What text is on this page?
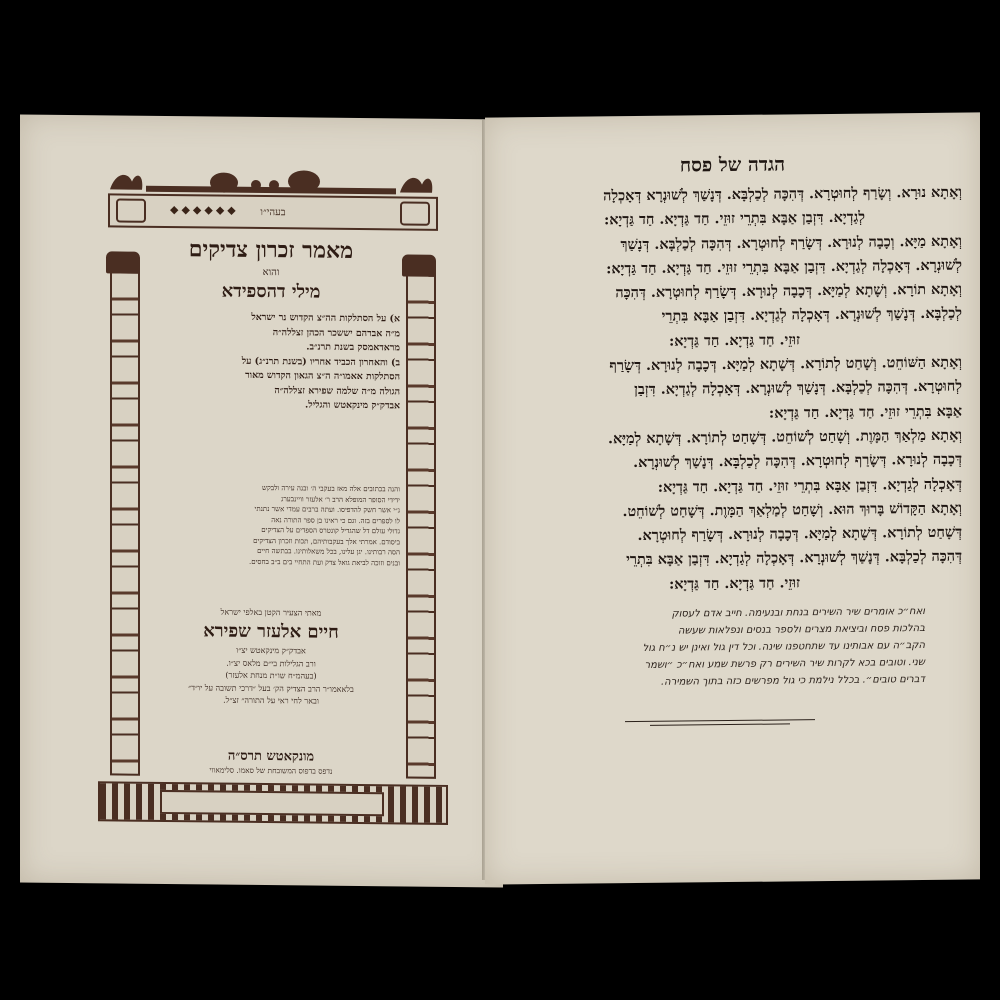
◆◆◆◆◆◆ בעהי״ו
מאמר זכרון צדיקים
והוא
מילי דהספידא
א) על הסתלקות הה״צ הקדוש נר ישראל
מ״ה אברהם יששכר הכהן זצללה״ה
מראדאמסק בשנת תרנ״ב.
ב) והאחרון הכביד אחריו (בשנת תרנ״ג) על
הסתלקות אאמו״ה ה״צ הגאון הקדוש מאור
הגולה מ״ה שלמה שפירא זצללה״ה
אבדק״ק מינקאטש והגליל.
והנה בכתובים אלה מאז בעקבי ה׳ ובנה עירה ולבקש
ידידי הסופר המופלא הרב ר׳ אלעזר וויינבערג
נ״י אשר חשק להדפיסו. ועתה ברבים עמדי אשר נתנתי
לו לספרים בזה. וגם כי ראינו בן ספר התורה נאה
גדולי עולם דל שהגדיל קונטרס הספדים על הצדיקים
ביסודם. אמרתי אלך בעקבותיהם, תכות וזכרון הצדיקים
הסה רבותינו. יגן עלינו, בכל משאלותינו. בבתשה חיים
ובנים וזוכה לביאת גואל צדק ועת התחיי בים ב״ב בחסים.
מאתי הצעיר הקטן באלפי ישראל
חיים אלעזר שפירא
אבדק״ק מינקאטש יצ״ו
ורב הגלילות בי״ם מלאס יצ״ו.
(בעהמ״ח שו״ת מנחת אלעזר)
בלאאמו״ר הרב הצדיק הק׳ בעל ״דרכי תשובה על יו״ד״
ובאר לחי ראי על התורה״ זצ״ל.
מונקאטש תרס״ה
נדפס בדפוס המשובחת של סאמו. סלימאווי
הגדה של פסח
וְאָתָא נוּרָא. וְשָׂרַף לְחוּטְרָא. דְּהִכָּה לְכַלְבָּא. דְּנָשַׁךְ לְשׁוּנְרָא דְּאָכְלָה
לְגַדְיָא. דִּזְבַן אַבָּא בִּתְרֵי זוּזֵי. חַד גַּדְיָא. חַד גַּדְיָא:
וְאָתָא מַיָּא. וְכָבָה לְנוּרָא. דְּשָׂרַף לְחוּטְרָא. דְּהִכָּה לְכַלְבָּא. דְּנָשַׁךְ
לְשׁוּנְרָא. דְּאָכְלָה לְגַדְיָא. דִּזְבַן אַבָּא בִּתְרֵי זוּזֵי. חַד גַּדְיָא. חַד גַּדְיָא:
וְאָתָא תוֹרָא. וְשָׁתָא לְמַיָּא. דְּכָבָה לְנוּרָא. דְּשָׂרַף לְחוּטְרָא. דְּהִכָּה
לְכַלְבָּא. דְּנָשַׁךְ לְשׁוּנְרָא. דְּאָכְלָה לְגַדְיָא. דִּזְבַן אַבָּא בִּתְרֵי
זוּזֵי. חַד גַּדְיָא. חַד גַּדְיָא:
וְאָתָא הַשּׁוֹחֵט. וְשָׁחַט לְתוֹרָא. דְּשָׁתָא לְמַיָּא. דְּכָבָה לְנוּרָא. דְּשָׂרַף
לְחוּטְרָא. דְּהִכָּה לְכַלְבָּא. דְּנָשַׁךְ לְשׁוּנְרָא. דְּאָכְלָה לְגַדְיָא. דִּזְבַן
אַבָּא בִּתְרֵי זוּזֵי. חַד גַּדְיָא. חַד גַּדְיָא:
וְאָתָא מַלְאַךְ הַמָּוֶת. וְשָׁחַט לְשׁוֹחֵט. דְּשָׁחַט לְתוֹרָא. דְּשָׁתָא לְמַיָּא.
דְּכָבָה לְנוּרָא. דְּשָׂרַף לְחוּטְרָא. דְּהִכָּה לְכַלְבָּא. דְּנָשַׁךְ לְשׁוּנְרָא.
דְּאָכְלָה לְגַדְיָא. דִּזְבַן אַבָּא בִּתְרֵי זוּזֵי. חַד גַּדְיָא. חַד גַּדְיָא:
וְאָתָא הַקָּדוֹשׁ בָּרוּךְ הוּא. וְשָׁחַט לְמַלְאַךְ הַמָּוֶת. דְּשָׁחַט לְשׁוֹחֵט.
דְּשָׁחַט לְתוֹרָא. דְּשָׁתָא לְמַיָּא. דְּכָבָה לְנוּרָא. דְּשָׂרַף לְחוּטְרָא.
דְּהִכָּה לְכַלְבָּא. דְּנָשַׁךְ לְשׁוּנְרָא. דְּאָכְלָה לְגַדְיָא. דִּזְבַן אַבָּא בִּתְרֵי
זוּזֵי. חַד גַּדְיָא. חַד גַּדְיָא:
ואח״כ אומרים שיר השירים בנחת ובנעימה. חייב אדם לעסוק
בהלכות פסח וביציאת מצרים ולספר בנסים ונפלאות שעשה
הקב״ה עם אבותינו עד שתחטפנו שינה. וכל דין גול ואינן יש נ״ח גול
שני. וטובים בכא לקרות שיר השירים רק פרשת שמע ואח״כ ״ושמר
דברים טובים״. בכלל נילמת כי גול מפרשים כזה בתוך השמירה.
